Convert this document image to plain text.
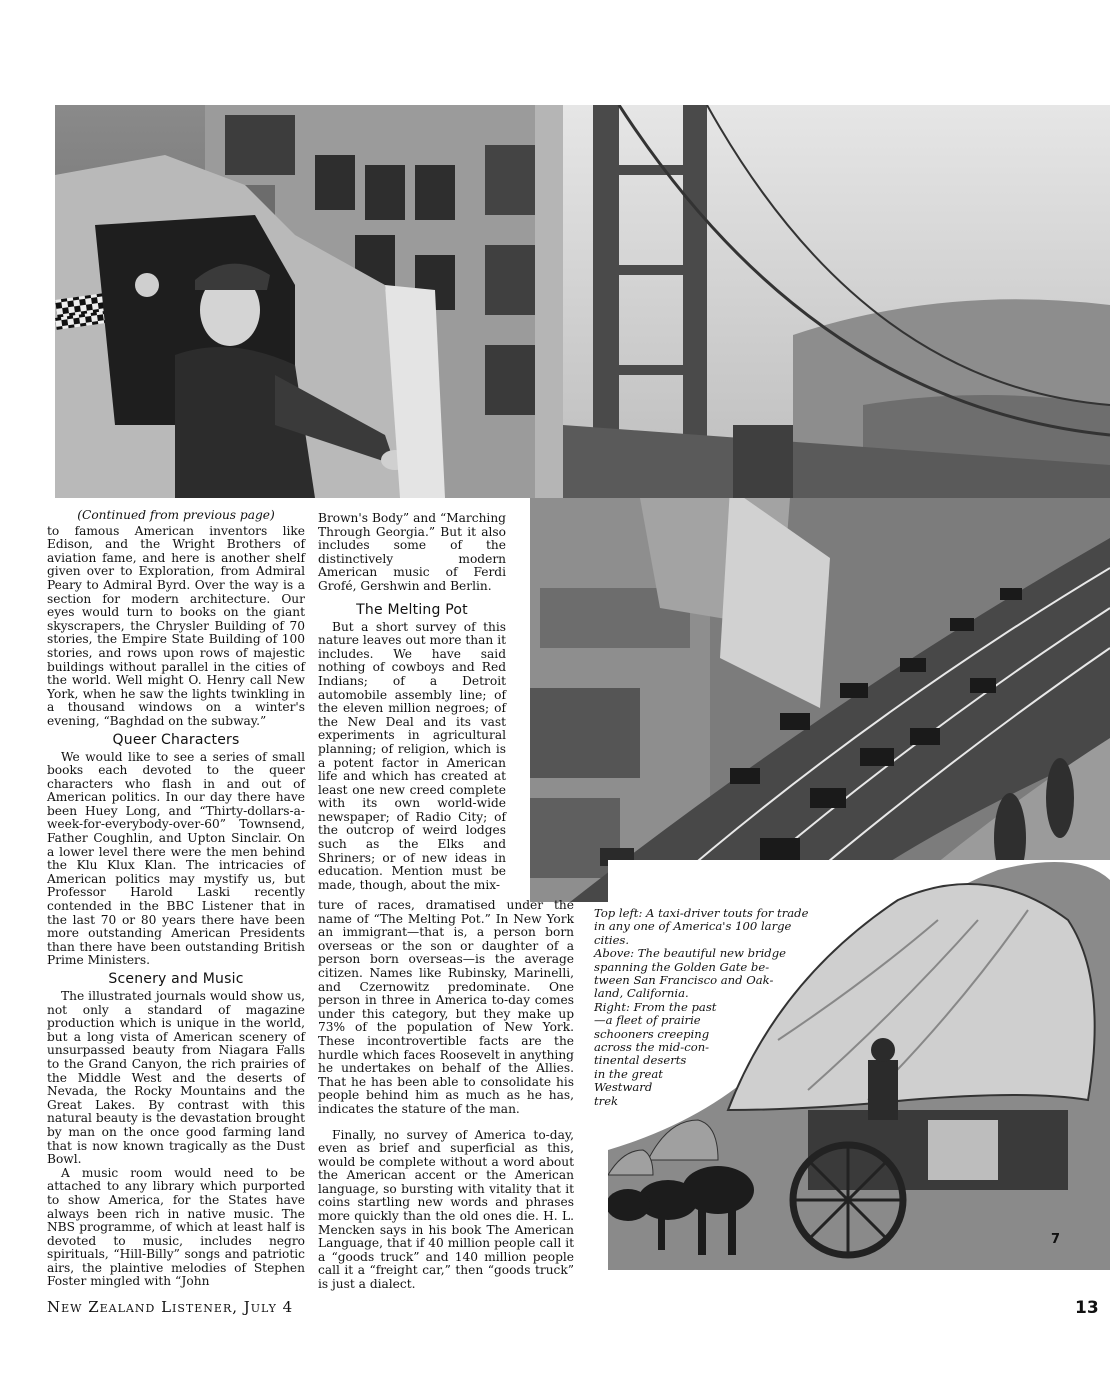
7

(Continued from previous page)

to famous American inventors like Edison, and the Wright Brothers of aviation fame, and here is another shelf given over to Exploration, from Admiral Peary to Admiral Byrd. Over the way is a section for modern architecture. Our eyes would turn to books on the giant skyscrapers, the Chrysler Building of 70 stories, the Empire State Building of 100 stories, and rows upon rows of majestic buildings without parallel in the cities of the world. Well might O. Henry call New York, when he saw the lights twinkling in a thousand windows on a winter's evening, “Baghdad on the subway.”

Queer Characters

We would like to see a series of small books each devoted to the queer characters who flash in and out of American politics. In our day there have been Huey Long, and “Thirty-dollars-a-week-for-everybody-over-60” Townsend, Father Coughlin, and Upton Sinclair. On a lower level there were the men behind the Klu Klux Klan. The intricacies of American politics may mystify us, but Professor Harold Laski recently contended in the BBC Listener that in the last 70 or 80 years there have been more outstanding American Presidents than there have been outstanding British Prime Ministers.

Scenery and Music

The illustrated journals would show us, not only a standard of magazine production which is unique in the world, but a long vista of American scenery of unsurpassed beauty from Niagara Falls to the Grand Canyon, the rich prairies of the Middle West and the deserts of Nevada, the Rocky Mountains and the Great Lakes. By contrast with this natural beauty is the devastation brought by man on the once good farming land that is now known tragically as the Dust Bowl.

A music room would need to be attached to any library which purported to show America, for the States have always been rich in native music. The NBS programme, of which at least half is devoted to music, includes negro spirituals, “Hill-Billy” songs and patriotic airs, the plaintive melodies of Stephen Foster mingled with “John

Brown's Body” and “Marching Through Georgia.” But it also includes some of the distinctively modern American music of Ferdi Grofé, Gershwin and Berlin.

The Melting Pot

But a short survey of this nature leaves out more than it includes. We have said nothing of cowboys and Red Indians; of a Detroit automobile assembly line; of the eleven million negroes; of the New Deal and its vast experiments in agricultural planning; of religion, which is a potent factor in American life and which has created at least one new creed complete with its own world-wide newspaper; of Radio City; of the outcrop of weird lodges such as the Elks and Shriners; or of new ideas in education. Mention must be made, though, about the mix-

ture of races, dramatised under the name of “The Melting Pot.” In New York an immigrant—that is, a person born overseas or the son or daughter of a person born overseas—is the average citizen. Names like Rubinsky, Marinelli, and Czernowitz predominate. One person in three in America to-day comes under this category, but they make up 73% of the population of New York. These incontrovertible facts are the hurdle which faces Roosevelt in anything he undertakes on behalf of the Allies. That he has been able to consolidate his people behind him as much as he has, indicates the stature of the man.

Finally, no survey of America to-day, even as brief and superficial as this, would be complete without a word about the American accent or the American language, so bursting with vitality that it coins startling new words and phrases more quickly than the old ones die. H. L. Mencken says in his book The American Language, that if 40 million people call it a “goods truck” and 140 million people call it a “freight car,” then “goods truck” is just a dialect.

Top left: A taxi-driver touts for trade
in any one of America's 100 large
cities.
Above: The beautiful new bridge
spanning the Golden Gate be-
tween San Francisco and Oak-
land, California.
Right: From the past
—a fleet of prairie
schooners creeping
across the mid-con-
tinental deserts
in the great
Westward
trek
New Zealand Listener, July 4	13
